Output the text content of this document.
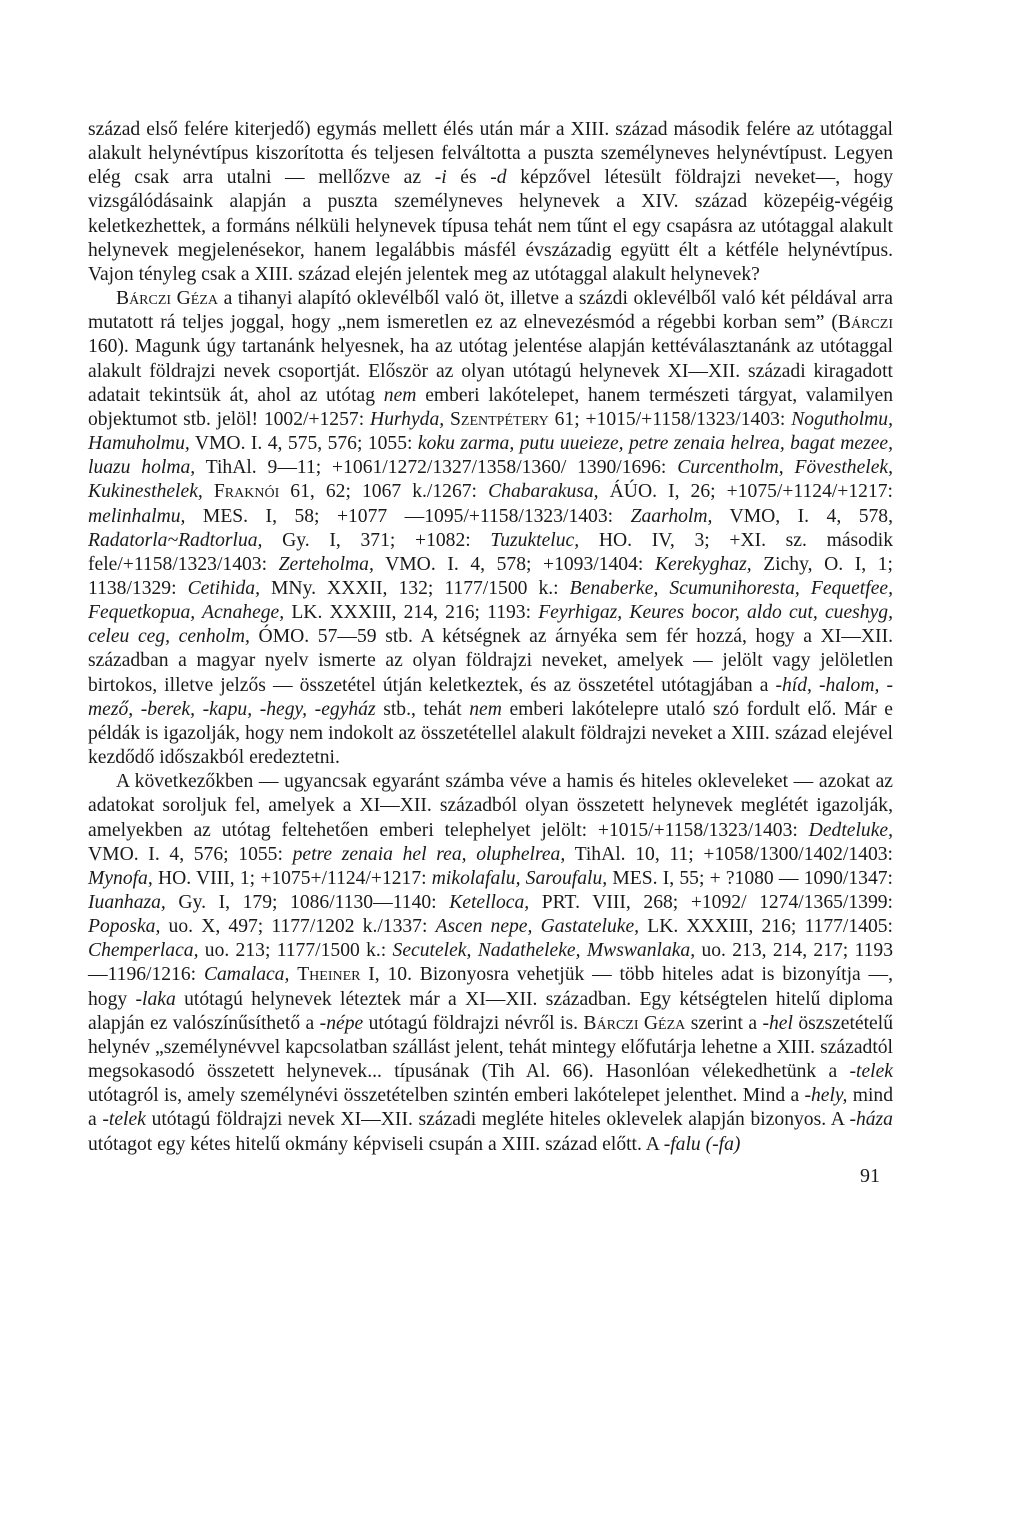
század első felére kiterjedő) egymás mellett élés után már a XIII. század második felére az utótaggal alakult helynévtípus kiszorította és teljesen felváltotta a puszta személyneves helynévtípust. Legyen elég csak arra utalni — mellőzve az -i és -d képzővel létesült földrajzi neveket—, hogy vizsgálódásaink alapján a puszta személyneves helynevek a XIV. század közepéig-végéig keletkezhettek, a formáns nélküli helynevek típusa tehát nem tűnt el egy csapásra az utótaggal alakult helynevek megjelenésekor, hanem legalábbis másfél évszázadig együtt élt a kétféle helynévtípus. Vajon tényleg csak a XIII. század elején jelentek meg az utótaggal alakult helynevek?

Bárczi Géza a tihanyi alapító oklevélből való öt, illetve a százdi oklevélből való két példával arra mutatott rá teljes joggal, hogy „nem ismeretlen ez az elnevezésmód a régebbi korban sem” (Bárczi 160). Magunk úgy tartanánk helyesnek, ha az utótag jelentése alapján kettéválasztanánk az utótaggal alakult földrajzi nevek csoportját. Először az olyan utótagú helynevek XI—XII. századi kiragadott adatait tekintsük át, ahol az utótag nem emberi lakótelepet, hanem természeti tárgyat, valamilyen objektumot stb. jelöl! 1002/+1257: Hurhyda, Szentpétery 61; +1015/+1158/1323/1403: Nogutholmu, Hamuholmu, VMO. I. 4, 575, 576; 1055: koku zarma, putu uueieze, petre zenaia helrea, bagat mezee, luazu holma, TihAl. 9—11; +1061/1272/1327/1358/1360/ 1390/1696: Curcentholm, Fövesthelek, Kukinesthelek, Fraknói 61, 62; 1067 k./1267: Chabarakusa, ÁÚO. I, 26; +1075/+1124/+1217: melinhalmu, MES. I, 58; +1077 —1095/+1158/1323/1403: Zaarholm, VMO, I. 4, 578, Radatorla~Radtorlua, Gy. I, 371; +1082: Tuzukteluc, HO. IV, 3; +XI. sz. második fele/+1158/1323/1403: Zerteholma, VMO. I. 4, 578; +1093/1404: Kerekyghaz, Zichy, O. I, 1; 1138/1329: Cetihida, MNy. XXXII, 132; 1177/1500 k.: Benaberke, Scumunihoresta, Fequetfee, Fequetkopua, Acnahege, LK. XXXIII, 214, 216; 1193: Feyrhigaz, Keures bocor, aldo cut, cueshyg, celeu ceg, cenholm, ÓMO. 57—59 stb. A kétségnek az árnyéka sem fér hozzá, hogy a XI—XII. században a magyar nyelv ismerte az olyan földrajzi neveket, amelyek — jelölt vagy jelöletlen birtokos, illetve jelzős — összetétel útján keletkeztek, és az összetétel utótagjában a -híd, -halom, -mező, -berek, -kapu, -hegy, -egyház stb., tehát nem emberi lakótelepre utaló szó fordult elő. Már e példák is igazolják, hogy nem indokolt az összetétellel alakult földrajzi neveket a XIII. század elejével kezdődő időszakból eredeztetni.

A következőkben — ugyancsak egyaránt számba véve a hamis és hiteles okleveleket — azokat az adatokat soroljuk fel, amelyek a XI—XII. századból olyan összetett helynevek meglétét igazolják, amelyekben az utótag feltehetően emberi telephelyet jelölt: +1015/+1158/1323/1403: Dedteluke, VMO. I. 4, 576; 1055: petre zenaia hel rea, oluphelrea, TihAl. 10, 11; +1058/1300/1402/1403: Mynofa, HO. VIII, 1; +1075+/1124/+1217: mikolafalu, Saroufalu, MES. I, 55; + ?1080 — 1090/1347: Iuanhaza, Gy. I, 179; 1086/1130—1140: Ketelloca, PRT. VIII, 268; +1092/ 1274/1365/1399: Poposka, uo. X, 497; 1177/1202 k./1337: Ascen nepe, Gastateluke, LK. XXXIII, 216; 1177/1405: Chemperlaca, uo. 213; 1177/1500 k.: Secutelek, Nadatheleke, Mwswanlaka, uo. 213, 214, 217; 1193—1196/1216: Camalaca, Theiner I, 10. Bizonyosra vehetjük — több hiteles adat is bizonyítja —, hogy -laka utótagú helynevek léteztek már a XI—XII. században. Egy kétségtelen hitelű diploma alapján ez valószínűsíthető a -népe utótagú földrajzi névről is. Bárczi Géza szerint a -hel öszszetételű helynév „személynévvel kapcsolatban szállást jelent, tehát mintegy előfutárja lehetne a XIII. századtól megsokasodó összetett helynevek... típusának (Tih Al. 66). Hasonlóan vélekedhetünk a -telek utótagról is, amely személynévi összetételben szintén emberi lakótelepet jelenthet. Mind a -hely, mind a -telek utótagú földrajzi nevek XI—XII. századi megléte hiteles oklevelek alapján bizonyos. A -háza utótagot egy kétes hitelű okmány képviseli csupán a XIII. század előtt. A -falu (-fa)

91
